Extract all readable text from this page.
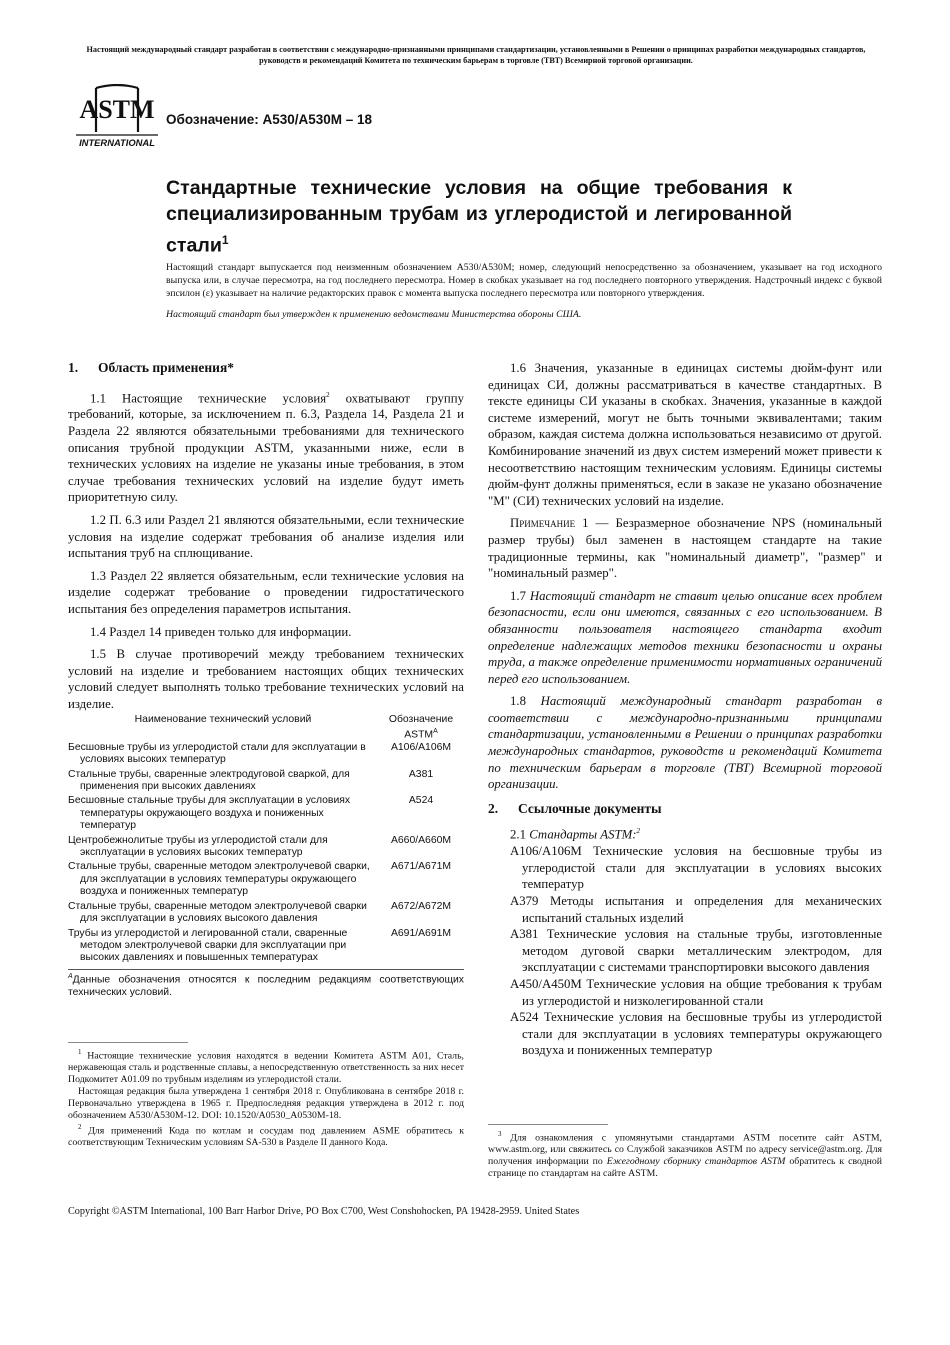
Настоящий международный стандарт разработан в соответствии с международно-признанными принципами стандартизации, установленными в Решении о принципах разработки международных стандартов, руководств и рекомендаций Комитета по техническим барьерам в торговле (ТВТ) Всемирной торговой организации.
ASTM
INTERNATIONAL
Обозначение: A530/A530M – 18
Стандартные технические условия на общие требования к специализированным трубам из углеродистой и легированной стали$^1$

Настоящий стандарт выпускается под неизменным обозначением A530/A530M; номер, следующий непосредственно за обозначением, указывает на год исходного выпуска или, в случае пересмотра, на год последнего пересмотра. Номер в скобках указывает на год последнего повторного утверждения. Надстрочный индекс с буквой эпсилон (ε) указывает на наличие редакторских правок с момента выпуска последнего пересмотра или повторного утверждения.

Настоящий стандарт был утвержден к применению ведомствами Министерства обороны США.

1. Область применения*

1.1 Настоящие технические условия$^2$ охватывают группу требований, которые, за исключением п. 6.3, Раздела 14, Раздела 21 и Раздела 22 являются обязательными требованиями для технического описания трубной продукции ASTM, указанными ниже, если в технических условиях на изделие не указаны иные требования, в этом случае требования технических условий на изделие будут иметь приоритетную силу.

1.2 П. 6.3 или Раздел 21 являются обязательными, если технические условия на изделие содержат требования об анализе изделия или испытания труб на сплющивание.

1.3 Раздел 22 является обязательным, если технические условия на изделие содержат требование о проведении гидростатического испытания без определения параметров испытания.

1.4 Раздел 14 приведен только для информации.

1.5 В случае противоречий между требованием технических условий на изделие и требованием настоящих общих технических условий следует выполнять только требование технических условий на изделие.

Наименование технический условий	Обозначение $ASTM^A$
Бесшовные трубы из углеродистой стали для эксплуатации в условиях высоких температур	A106/A106M
Стальные трубы, сваренные электродуговой сваркой, для применения при высоких давлениях	A381
Бесшовные стальные трубы для эксплуатации в условиях температуры окружающего воздуха и пониженных температур	A524
Центробежнолитые трубы из углеродистой стали для эксплуатации в условиях высоких температур	A660/A660M
Стальные трубы, сваренные методом электролучевой сварки, для эксплуатации в условиях температуры окружающего воздуха и пониженных температур	A671/A671M
Стальные трубы, сваренные методом электролучевой сварки для эксплуатации в условиях высокого давления	A672/A672M
Трубы из углеродистой и легированной стали, сваренные методом электролучевой сварки для эксплуатации при высоких давлениях и повышенных температурах	A691/A691M
$^A$Данные обозначения относятся к последним редакциям соответствующих технических условий.

$^1$ Настоящие технические условия находятся в ведении Комитета ASTM A01, Сталь, нержавеющая сталь и родственные сплавы, а непосредственную ответственность за них несет Подкомитет A01.09 по трубным изделиям из углеродистой стали.

Настоящая редакция была утверждена 1 сентября 2018 г. Опубликована в сентябре 2018 г. Первоначально утверждена в 1965 г. Предпоследняя редакция утверждена в 2012 г. под обозначением A530/A530M-12. DOI: 10.1520/A0530_A0530M-18.

$^2$ Для применений Кода по котлам и сосудам под давлением ASME обратитесь к соответствующим Техническим условиям SA-530 в Разделе II данного Кода.

1.6 Значения, указанные в единицах системы дюйм-фунт или единицах СИ, должны рассматриваться в качестве стандартных. В тексте единицы СИ указаны в скобках. Значения, указанные в каждой системе измерений, могут не быть точными эквивалентами; таким образом, каждая система должна использоваться независимо от другой. Комбинирование значений из двух систем измерений может привести к несоответствию настоящим техническим условиям. Единицы системы дюйм-фунт должны применяться, если в заказе не указано обозначение "М" (СИ) технических условий на изделие.

Примечание 1 — Безразмерное обозначение NPS (номинальный размер трубы) был заменен в настоящем стандарте на такие традиционные термины, как "номинальный диаметр", "размер" и "номинальный размер".

1.7 Настоящий стандарт не ставит целью описание всех проблем безопасности, если они имеются, связанных с его использованием. В обязанности пользователя настоящего стандарта входит определение надлежащих методов техники безопасности и охраны труда, а также определение применимости нормативных ограничений перед его использованием.

1.8 Настоящий международный стандарт разработан в соответствии с международно-признанными принципами стандартизации, установленными в Решении о принципах разработки международных стандартов, руководств и рекомендаций Комитета по техническим барьерам в торговле (ТВТ) Всемирной торговой организации.

2. Ссылочные документы

2.1 Стандарты ASTM:$^2$

A106/A106M Технические условия на бесшовные трубы из углеродистой стали для эксплуатации в условиях высоких температур

A379 Методы испытания и определения для механических испытаний стальных изделий

A381 Технические условия на стальные трубы, изготовленные методом дуговой сварки металлическим электродом, для эксплуатации с системами транспортировки высокого давления

A450/A450M Технические условия на общие требования к трубам из углеродистой и низколегированной стали

A524 Технические условия на бесшовные трубы из углеродистой стали для эксплуатации в условиях температуры окружающего воздуха и пониженных температур

$^3$ Для ознакомления с упомянутыми стандартами ASTM посетите сайт ASTM, www.astm.org, или свяжитесь со Службой заказчиков ASTM по адресу service@astm.org. Для получения информации по Ежегодному сборнику стандартов ASTM обратитесь к сводной странице по стандартам на сайте ASTM.

Copyright ©ASTM International, 100 Barr Harbor Drive, PO Box C700, West Conshohocken, PA 19428-2959. United States
